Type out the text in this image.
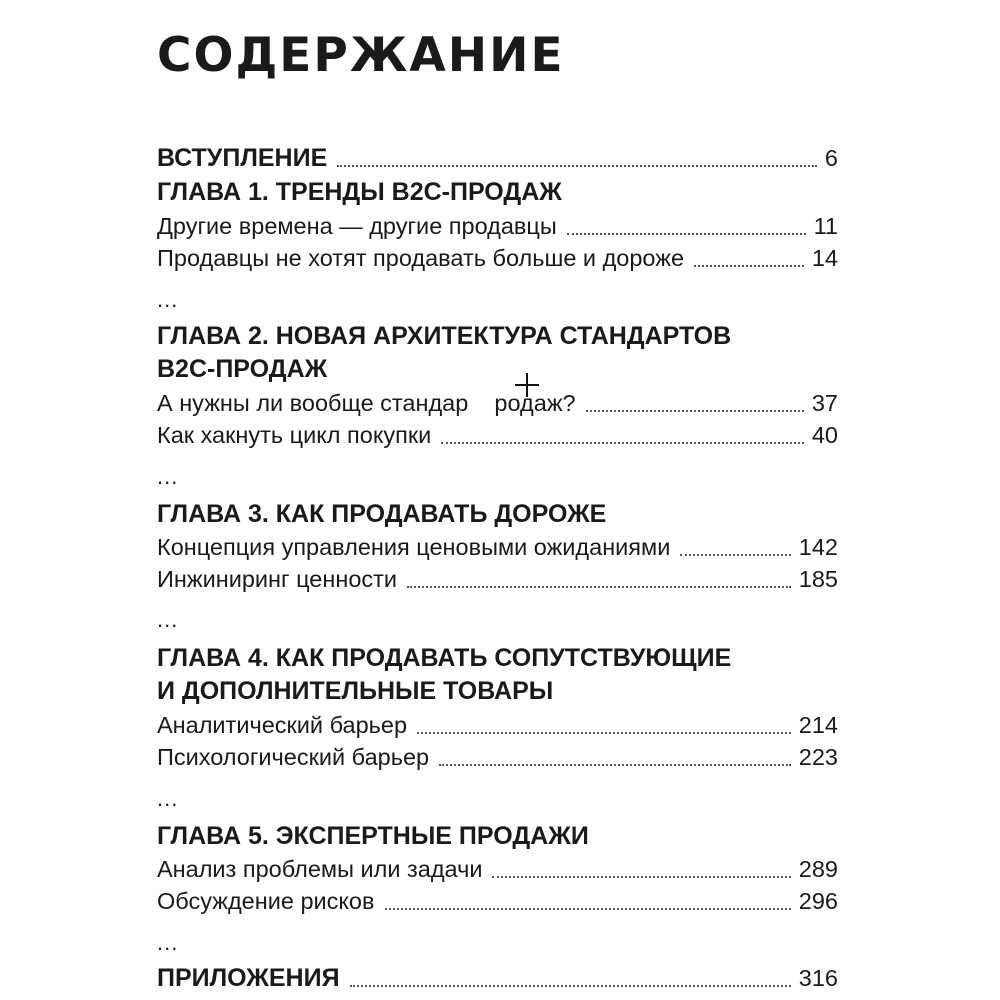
СОДЕРЖАНИЕ
ВСТУПЛЕНИЕ	6
ГЛАВА 1. ТРЕНДЫ B2C-ПРОДАЖ
Другие времена — другие продавцы	11
Продавцы не хотят продавать больше и дороже	14
...
ГЛАВА 2. НОВАЯ АРХИТЕКТУРА СТАНДАРТОВ
B2C-ПРОДАЖ
А нужны ли вообще стандар    родаж?	37
Как хакнуть цикл покупки	40
...
ГЛАВА 3. КАК ПРОДАВАТЬ ДОРОЖЕ
Концепция управления ценовыми ожиданиями	142
Инжиниринг ценности	185
...
ГЛАВА 4. КАК ПРОДАВАТЬ СОПУТСТВУЮЩИЕ
И ДОПОЛНИТЕЛЬНЫЕ ТОВАРЫ
Аналитический барьер	214
Психологический барьер	223
...
ГЛАВА 5. ЭКСПЕРТНЫЕ ПРОДАЖИ
Анализ проблемы или задачи	289
Обсуждение рисков	296
...
ПРИЛОЖЕНИЯ	316
